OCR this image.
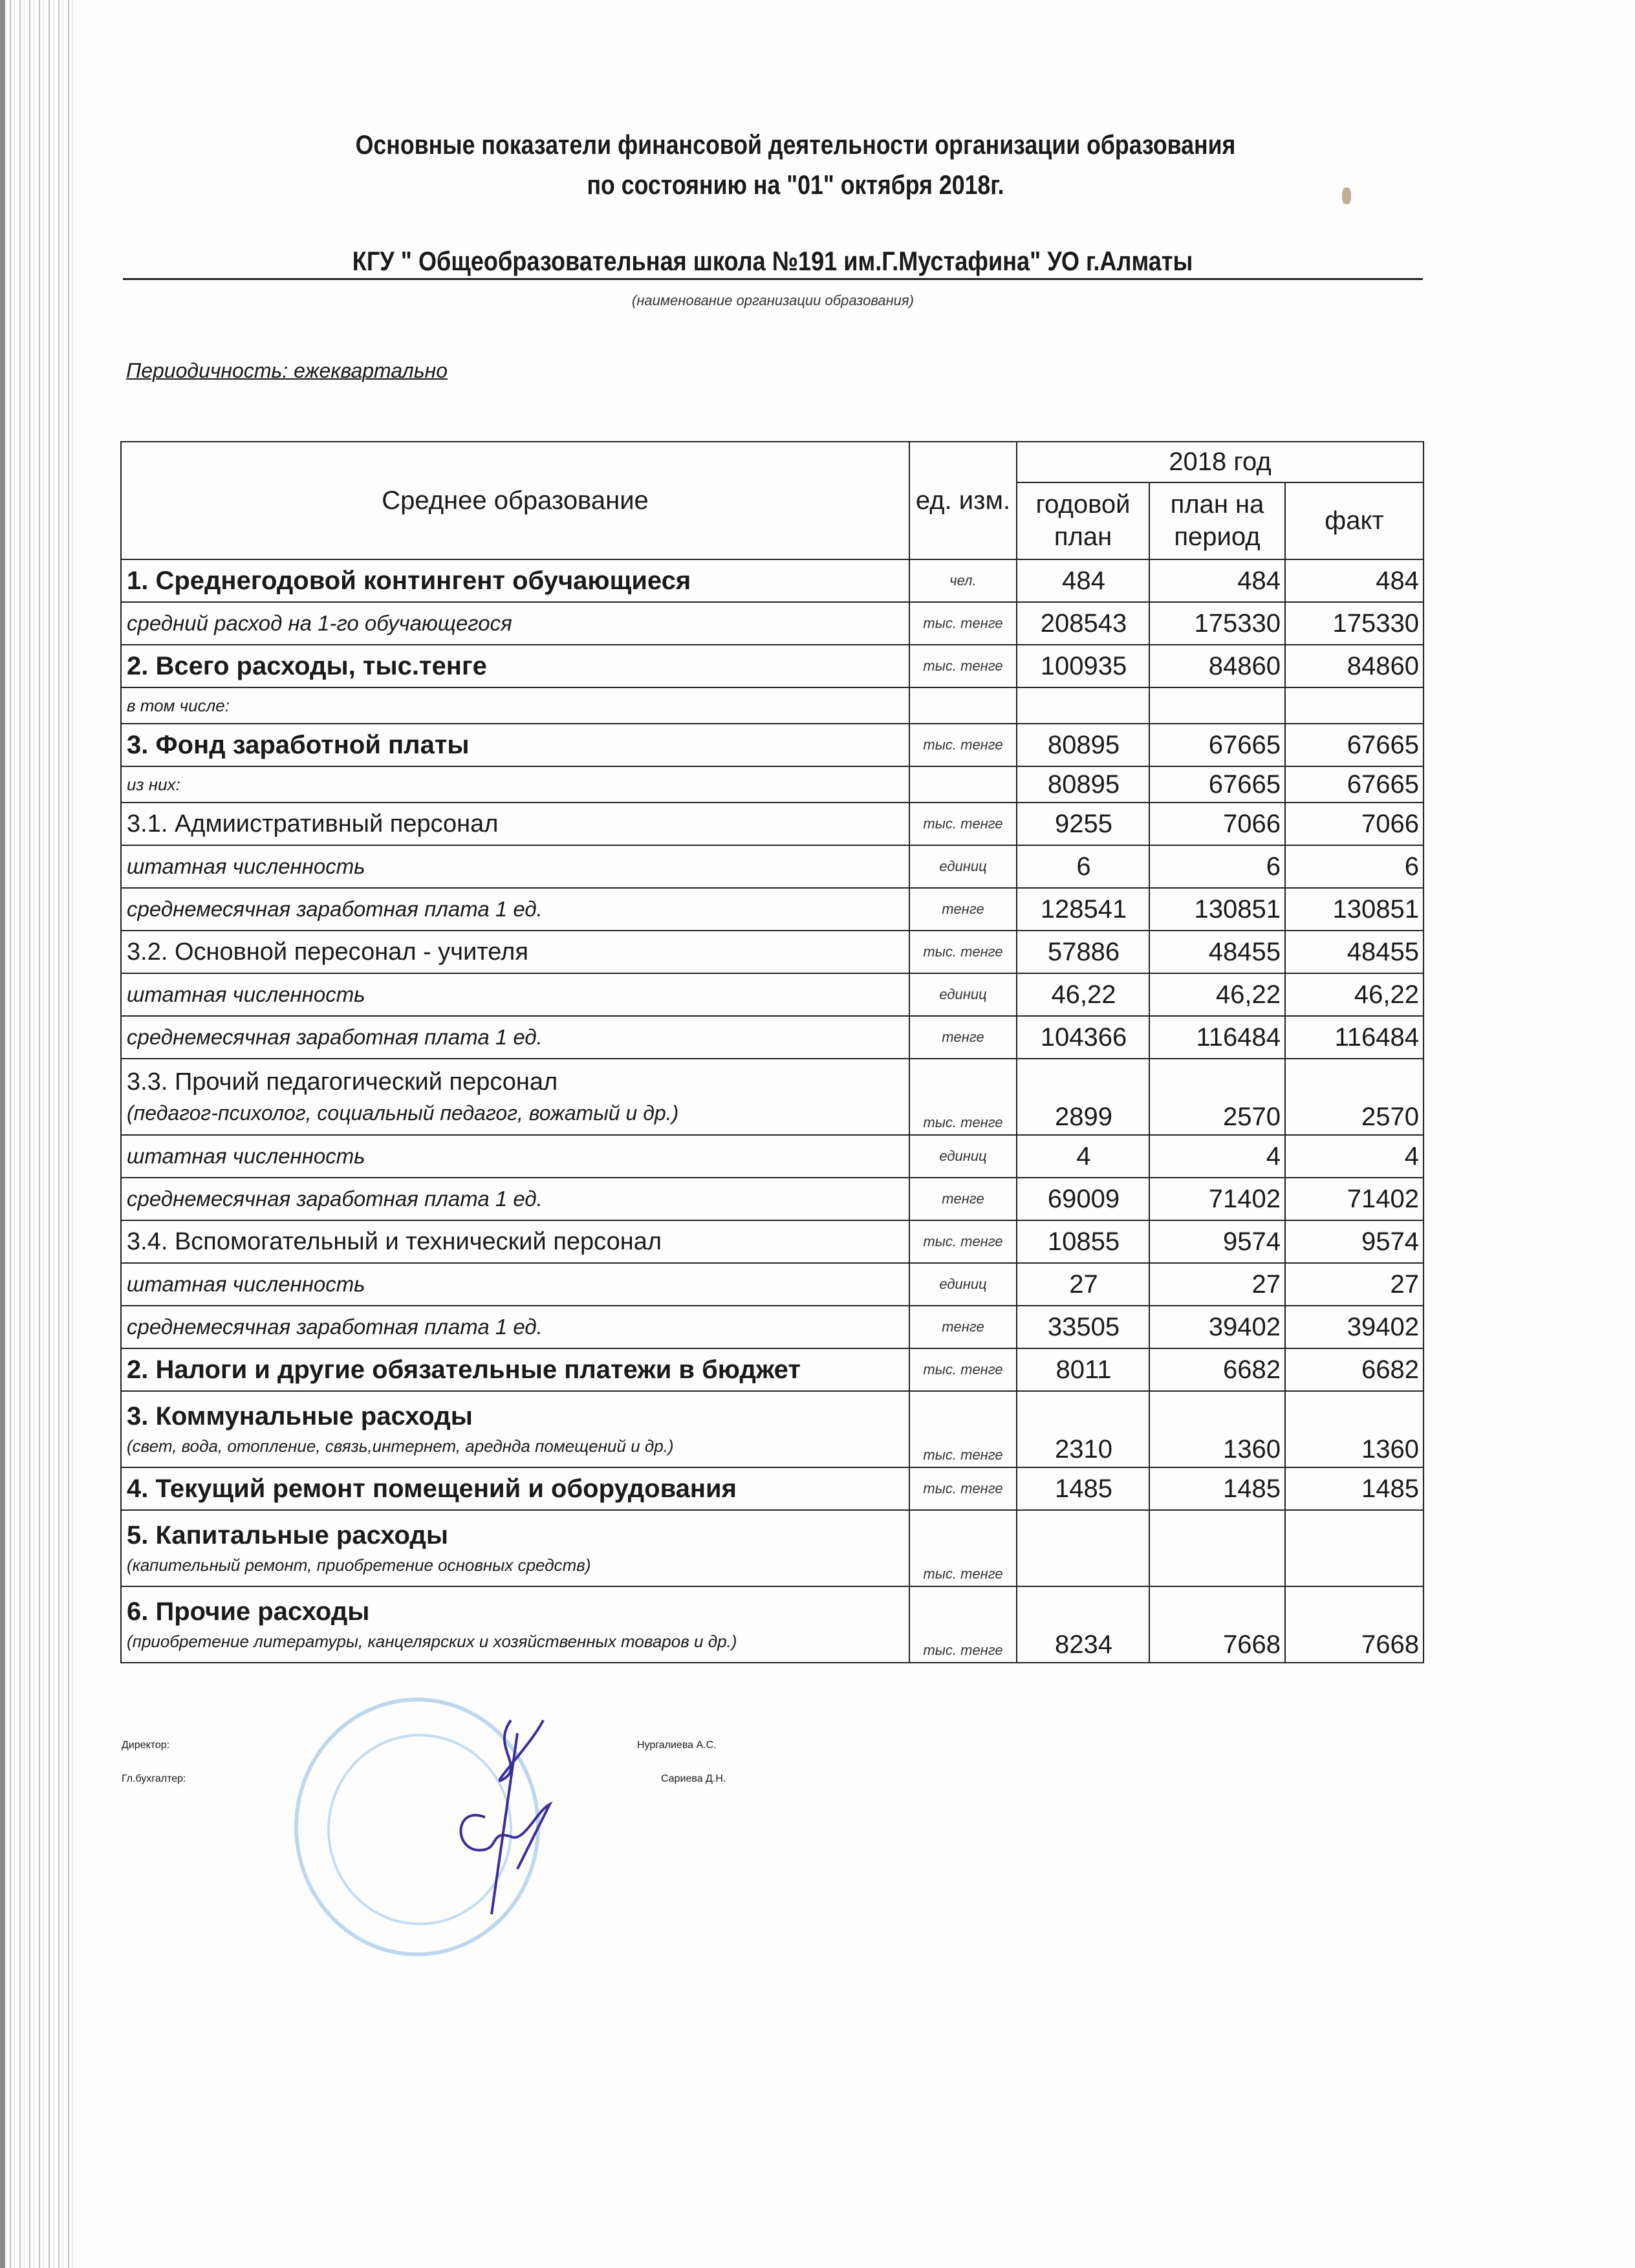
Основные показатели финансовой деятельности организации образования
по состоянию на "01" октября 2018г.
КГУ " Общеобразовательная школа №191 им.Г.Мустафина" УО г.Алматы
(наименование организации образования)
Периодичность: ежеквартально
Среднее образование	ед. изм.	2018 год		
		годовой план	план на период	факт
1. Среднегодовой контингент обучающиеся	чел.	484	484	484
средний расход на 1-го обучающегося	тыс. тенге	208543	175330	175330
2. Всего расходы, тыс.тенге	тыс. тенге	100935	84860	84860
в том числе:				
3. Фонд заработной платы	тыс. тенге	80895	67665	67665
из них:		80895	67665	67665
3.1. Адмиистративный персонал	тыс. тенге	9255	7066	7066
штатная численность	единиц	6	6	6
среднемесячная заработная плата 1 ед.	тенге	128541	130851	130851
3.2. Основной пересонал - учителя	тыс. тенге	57886	48455	48455
штатная численность	единиц	46,22	46,22	46,22
среднемесячная заработная плата 1 ед.	тенге	104366	116484	116484
3.3. Прочий педагогический персонал
(педагог-психолог, социальный педагог, вожатый и др.)	тыс. тенге	2899	2570	2570
штатная численность	единиц	4	4	4
среднемесячная заработная плата 1 ед.	тенге	69009	71402	71402
3.4. Вспомогательный и технический персонал	тыс. тенге	10855	9574	9574
штатная численность	единиц	27	27	27
среднемесячная заработная плата 1 ед.	тенге	33505	39402	39402
2. Налоги и другие обязательные платежи в бюджет	тыс. тенге	8011	6682	6682
3. Коммунальные расходы
(свет, вода, отопление, связь,интернет, ареднда помещений и др.)	тыс. тенге	2310	1360	1360
4. Текущий ремонт помещений и оборудования	тыс. тенге	1485	1485	1485
5. Капитальные расходы
(капительный ремонт, приобретение основных средств)	тыс. тенге			
6. Прочие расходы
(приобретение литературы, канцелярских и хозяйственных товаров и др.)	тыс. тенге	8234	7668	7668
Директор:	Нургалиева А.С.
Гл.бухгалтер:	Сариева Д.Н.
